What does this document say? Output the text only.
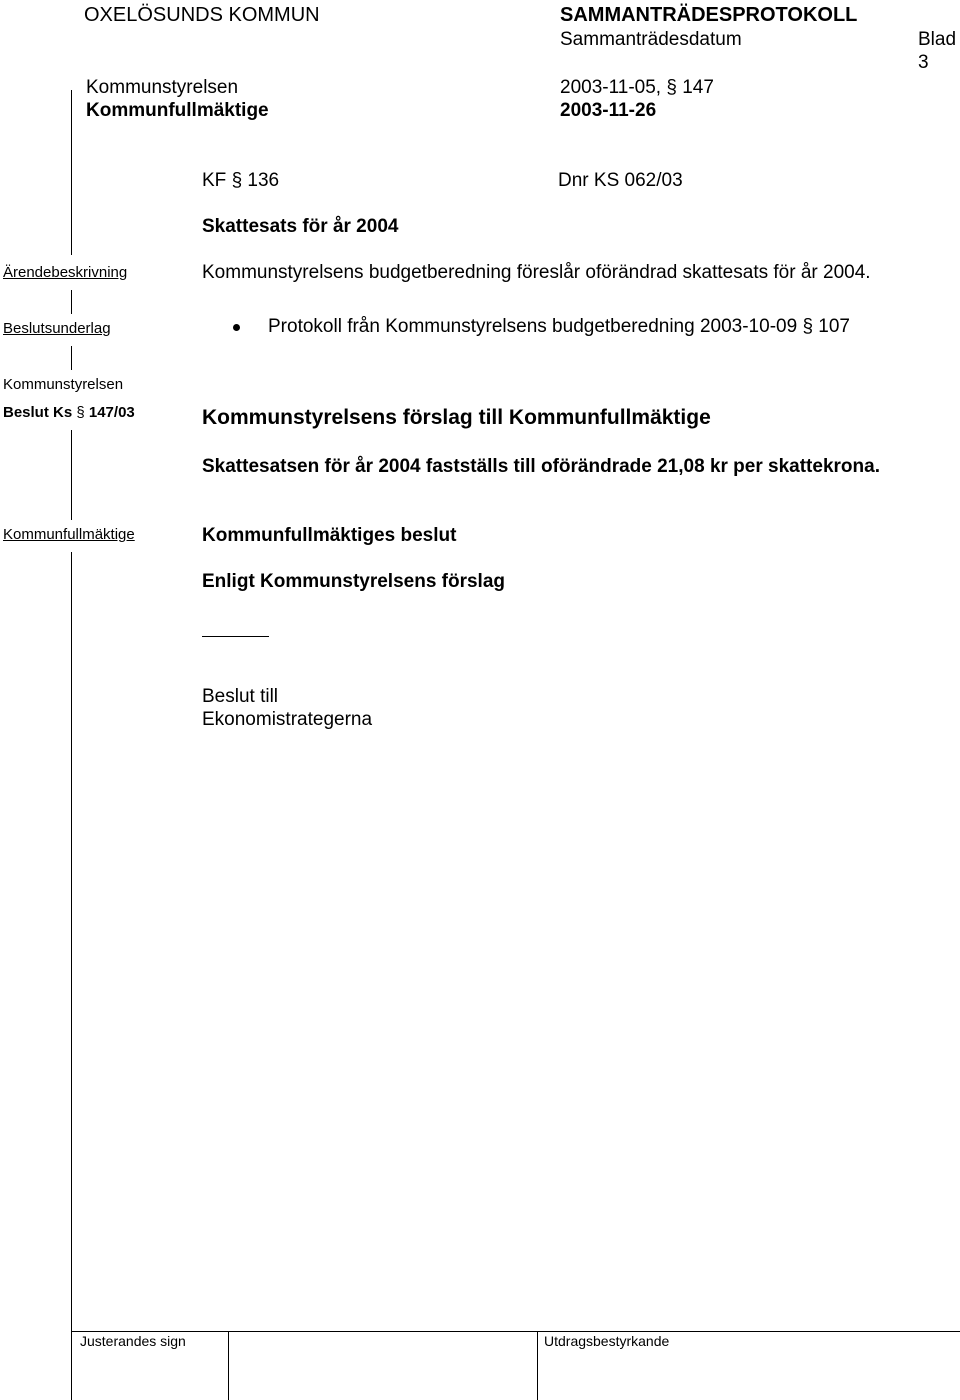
OXELÖSUNDS KOMMUN	SAMMANTRÄDESPROTOKOLL
Sammanträdesdatum	Blad
3
Kommunstyrelsen	2003-11-05, § 147
Kommunfullmäktige	2003-11-26
KF § 136	Dnr KS 062/03
Skattesats för år 2004
Ärendebeskrivning	Kommunstyrelsens budgetberedning föreslår oförändrad skattesats för år 2004.
Beslutsunderlag	Protokoll från Kommunstyrelsens budgetberedning 2003-10-09 § 107
Kommunstyrelsen
Beslut Ks § 147/03	Kommunstyrelsens förslag till Kommunfullmäktige
Skattesatsen för år 2004 fastställs till oförändrade 21,08 kr per skattekrona.
Kommunfullmäktige	Kommunfullmäktiges beslut
Enligt Kommunstyrelsens förslag
Beslut till
Ekonomistrategerna
Justerandes sign	Utdragsbestyrkande
